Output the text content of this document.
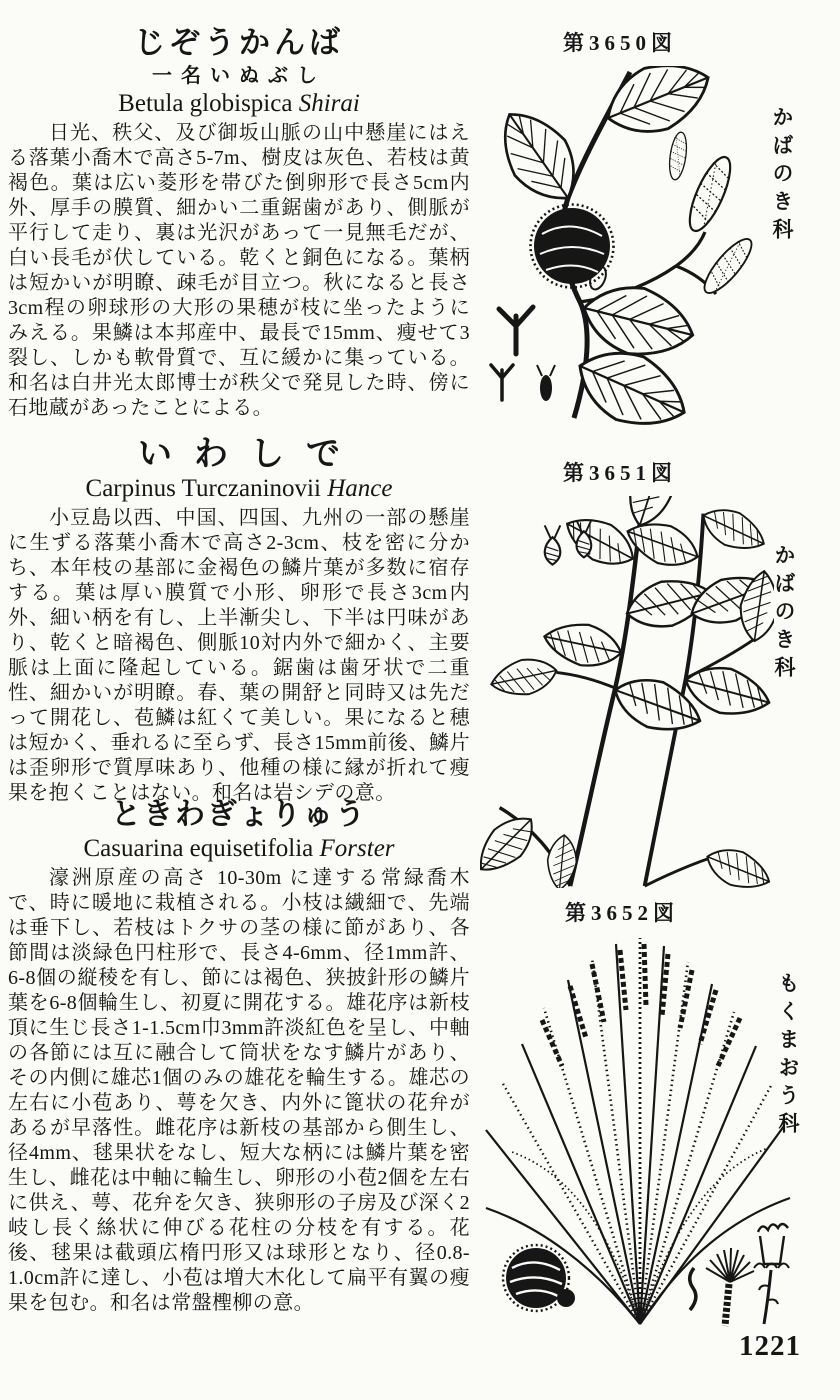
じぞうかんば
一名いぬぶし
Betula globispica Shirai

日光、秩父、及び御坂山脈の山中懸崖にはえる落葉小喬木で高さ5-7m、樹皮は灰色、若枝は黄褐色。葉は広い菱形を帯びた倒卵形で長さ5cm内外、厚手の膜質、細かい二重鋸歯があり、側脈が平行して走り、裏は光沢があって一見無毛だが、白い長毛が伏している。乾くと銅色になる。葉柄は短かいが明瞭、疎毛が目立つ。秋になると長さ3cm程の卵球形の大形の果穂が枝に坐ったようにみえる。果鱗は本邦産中、最長で15mm、瘦せて3裂し、しかも軟骨質で、互に緩かに集っている。和名は白井光太郎博士が秩父で発見した時、傍に石地蔵があったことによる。

いわしで
Carpinus Turczaninovii Hance

小豆島以西、中国、四国、九州の一部の懸崖に生ずる落葉小喬木で高さ2-3cm、枝を密に分かち、本年枝の基部に金褐色の鱗片葉が多数に宿存する。葉は厚い膜質で小形、卵形で長さ3cm内外、細い柄を有し、上半漸尖し、下半は円味があり、乾くと暗褐色、側脈10対内外で細かく、主要脈は上面に隆起している。鋸歯は歯牙状で二重性、細かいが明瞭。春、葉の開舒と同時又は先だって開花し、苞鱗は紅くて美しい。果になると穂は短かく、垂れるに至らず、長さ15mm前後、鱗片は歪卵形で質厚味あり、他種の様に縁が折れて瘦果を抱くことはない。和名は岩シデの意。

ときわぎょりゅう
Casuarina equisetifolia Forster

濠洲原産の高さ 10-30m に達する常緑喬木で、時に暖地に栽植される。小枝は繊細で、先端は垂下し、若枝はトクサの茎の様に節があり、各節間は淡緑色円柱形で、長さ4-6mm、径1mm許、6-8個の縦稜を有し、節には褐色、狭披針形の鱗片葉を6-8個輪生し、初夏に開花する。雄花序は新枝頂に生じ長さ1-1.5cm巾3mm許淡紅色を呈し、中軸の各節には互に融合して筒状をなす鱗片があり、その内側に雄芯1個のみの雄花を輪生する。雄芯の左右に小苞あり、萼を欠き、内外に篦状の花弁があるが早落性。雌花序は新枝の基部から側生し、径4mm、毬果状をなし、短大な柄には鱗片葉を密生し、雌花は中軸に輪生し、卵形の小苞2個を左右に供え、萼、花弁を欠き、狭卵形の子房及び深く2岐し長く絲状に伸びる花柱の分枝を有する。花後、毬果は截頭広楕円形又は球形となり、径0.8-1.0cm許に達し、小苞は増大木化して扁平有翼の瘦果を包む。和名は常盤檉柳の意。

第3650図
かばのき科
第3651図
かばのき科
第3652図
もくまおう科
1221
